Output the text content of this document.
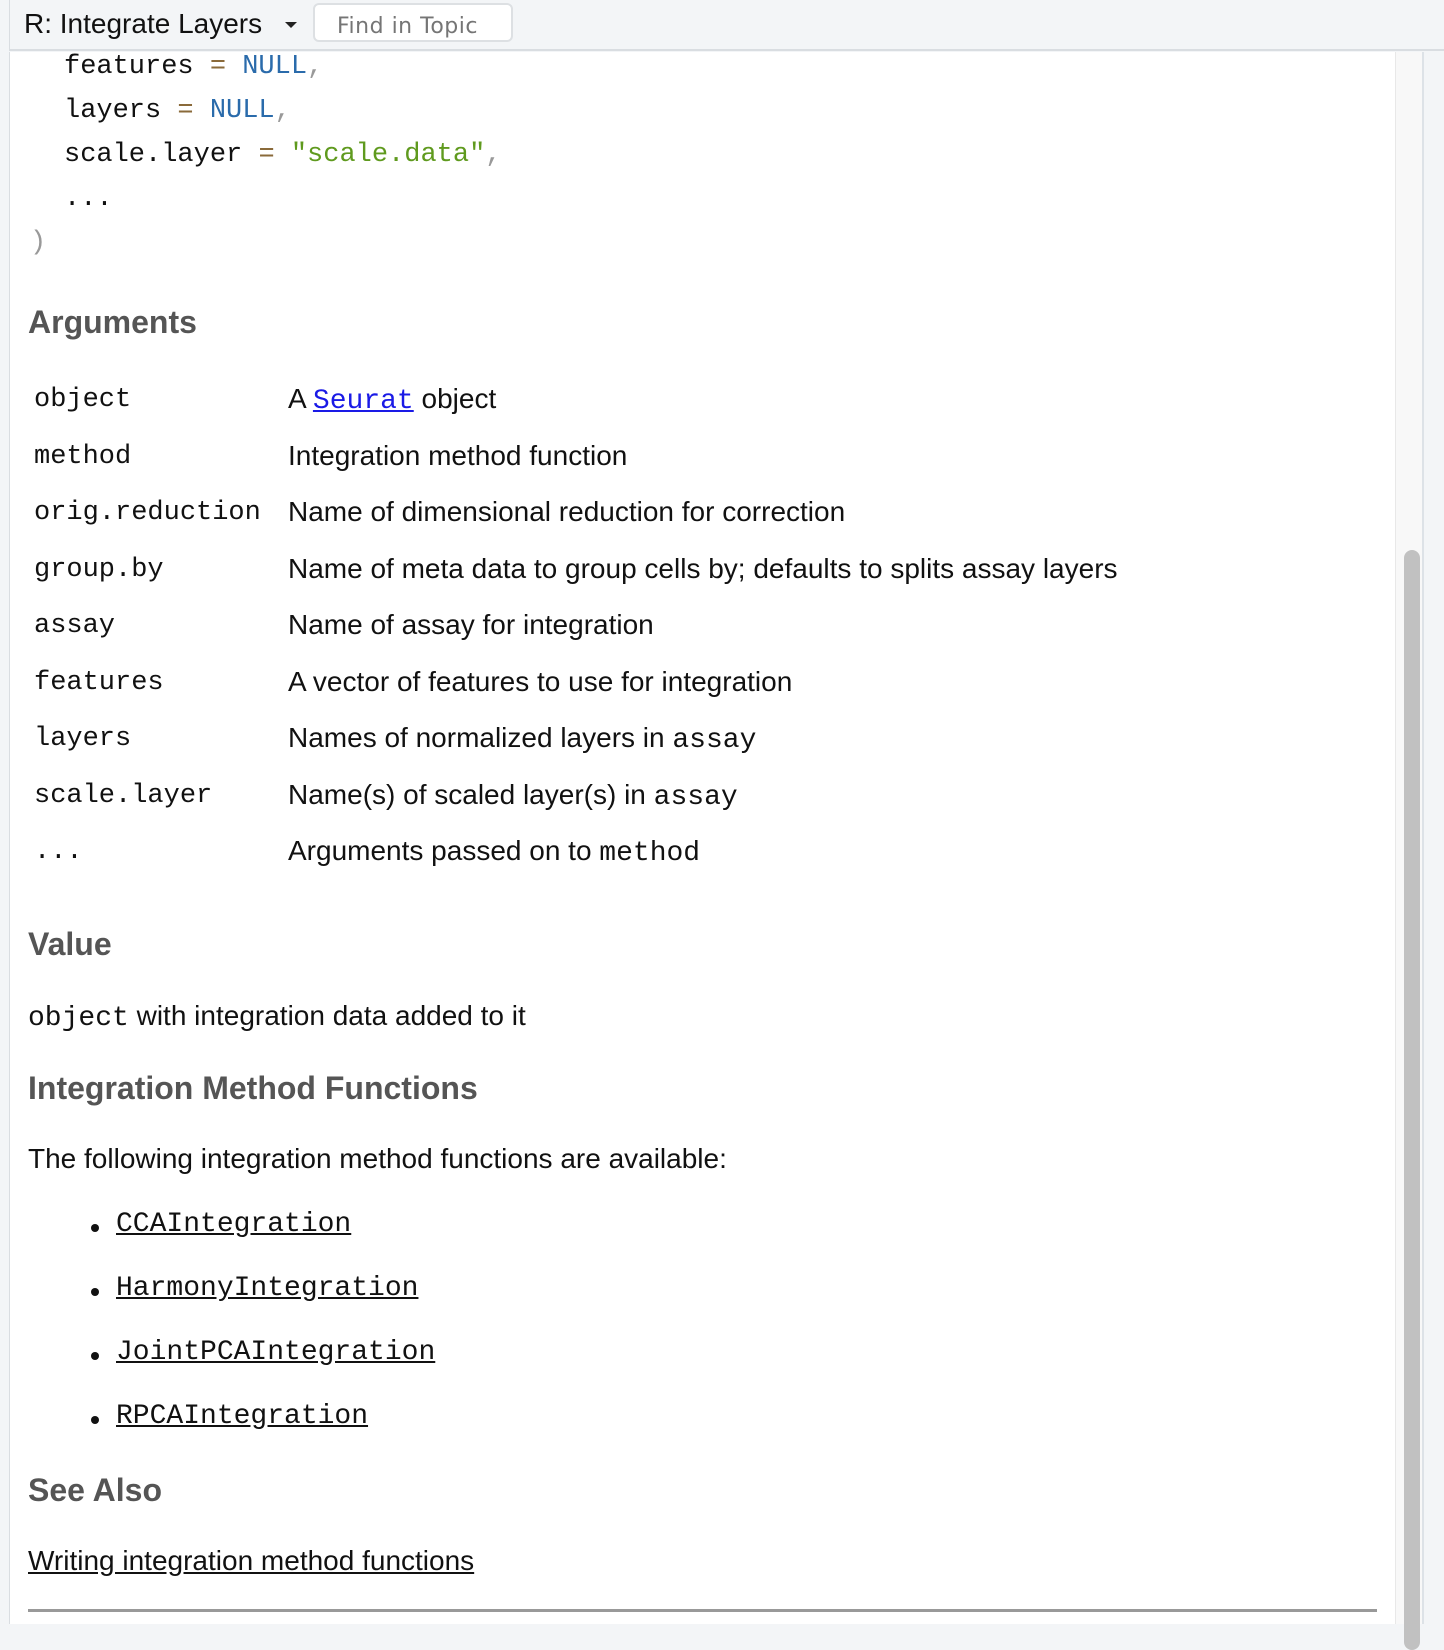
R: Integrate Layers
Find in Topic
features = NULL,
layers = NULL,
scale.layer = "scale.data",
...
)
Arguments
object	A Seurat object
method	Integration method function
orig.reduction Name of dimensional reduction for correction
group.by	Name of meta data to group cells by; defaults to splits assay layers
assay	Name of assay for integration
features	A vector of features to use for integration
layers	Names of normalized layers in assay
scale.layer	Name(s) of scaled layer(s) in assay
...	Arguments passed on to method
Value
object with integration data added to it
Integration Method Functions
The following integration method functions are available:
CCAIntegration
HarmonyIntegration
JointPCAIntegration
RPCAIntegration
See Also
Writing integration method functions
